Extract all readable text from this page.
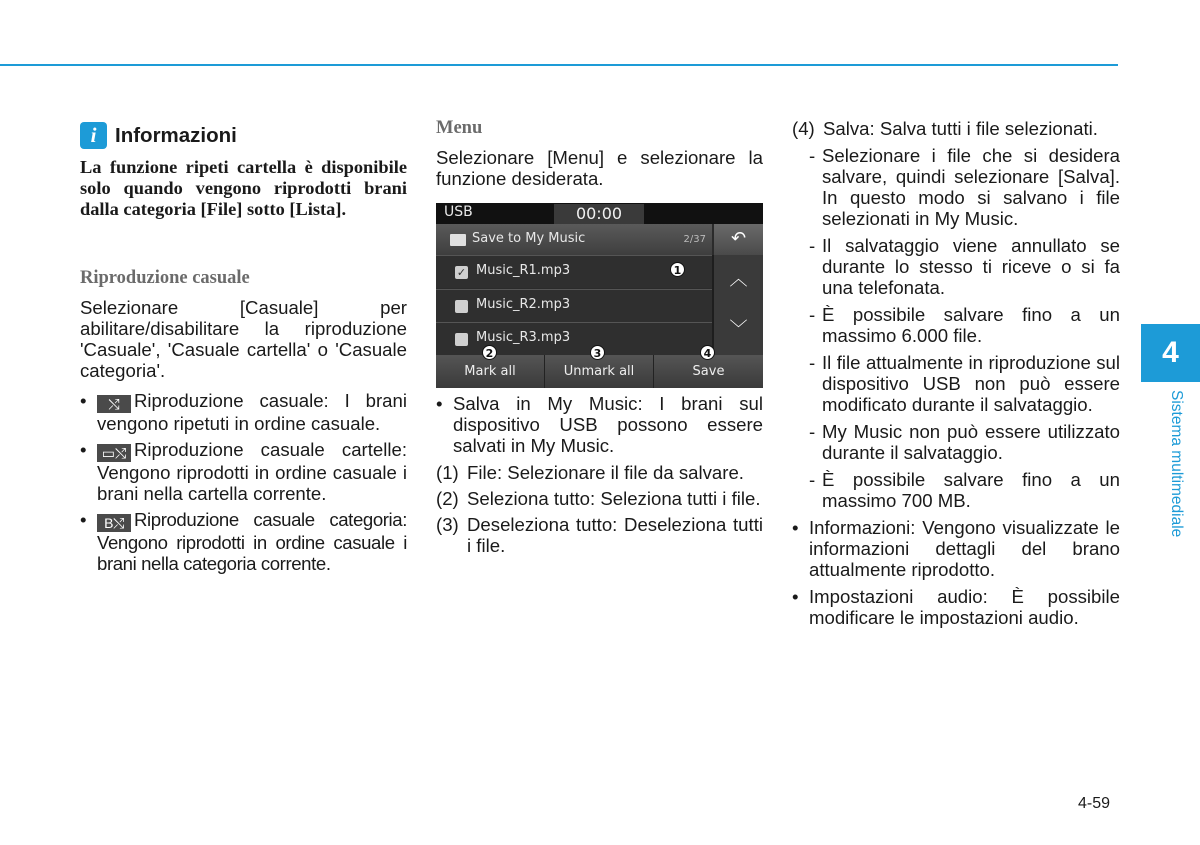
i Informazioni

La funzione ripeti cartella è disponibile solo quando vengono riprodotti brani dalla categoria [File] sotto [Lista].

Riproduzione casuale

Selezionare [Casuale] per abilitare/disabilitare la riproduzione 'Casuale', 'Casuale cartella' o 'Casuale categoria'.

• ⤭ Riproduzione casuale: I brani vengono ripetuti in ordine casuale.
• ▭⤭ Riproduzione casuale cartelle: Vengono riprodotti in ordine casuale i brani nella cartella corrente.
• B⤭ Riproduzione casuale categoria: Vengono riprodotti in ordine casuale i brani nella categoria corrente.

Menu

Selezionare [Menu] e selezionare la funzione desiderata.

USB	00:00
Save to My Music	2/37	↶
✓ Music_R1.mp3
Music_R2.mp3
Music_R3.mp3
︿
﹀
Mark all	Unmark all	Save
1
2	3	4
• Salva in My Music: I brani sul dispositivo USB possono essere salvati in My Music.
(1) File: Selezionare il file da salvare.
(2) Seleziona tutto: Seleziona tutti i file.
(3) Deseleziona tutto: Deseleziona tutti i file.
(4) Salva: Salva tutti i file selezionati.
- Selezionare i file che si desidera salvare, quindi selezionare [Salva]. In questo modo si salvano i file selezionati in My Music.
- Il salvataggio viene annullato se durante lo stesso ti riceve o si fa una telefonata.
- È possibile salvare fino a un massimo 6.000 file.
- Il file attualmente in riproduzione sul dispositivo USB non può essere modificato durante il salvataggio.
- My Music non può essere utilizzato durante il salvataggio.
- È possibile salvare fino a un massimo 700 MB.
• Informazioni: Vengono visualizzate le informazioni dettagli del brano attualmente riprodotto.
• Impostazioni audio: È possibile modificare le impostazioni audio.
4
Sistema multimediale
4-59
